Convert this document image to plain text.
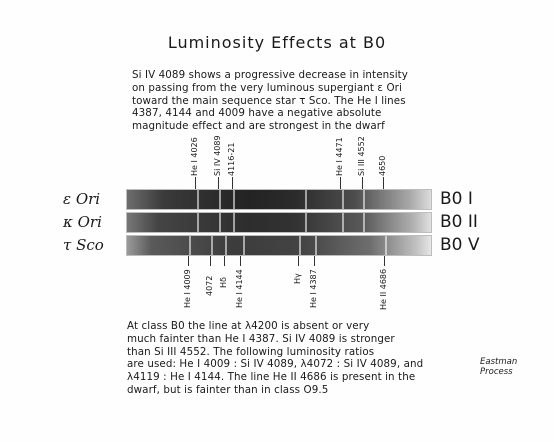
Luminosity Effects at B0
Si IV 4089 shows a progressive decrease in intensity
on passing from the very luminous supergiant ε Ori
toward the main sequence star τ Sco. The He I lines
4387, 4144 and 4009 have a negative absolute
magnitude effect and are strongest in the dwarf
He I 4026 Si IV 4089 4116-21	He I 4471 Si III 4552 4650
ε Ori
κ Ori
τ Sco
B0 I
B0 II
B0 V
He I 4009 4072 Hδ He I 4144	Hγ He I 4387	He II 4686
At class B0 the line at λ4200 is absent or very
much fainter than He I 4387. Si IV 4089 is stronger
than Si III 4552. The following luminosity ratios
are used: He I 4009 : Si IV 4089, λ4072 : Si IV 4089, and
λ4119 : He I 4144. The line He II 4686 is present in the
dwarf, but is fainter than in class O9.5
Eastman
Process
